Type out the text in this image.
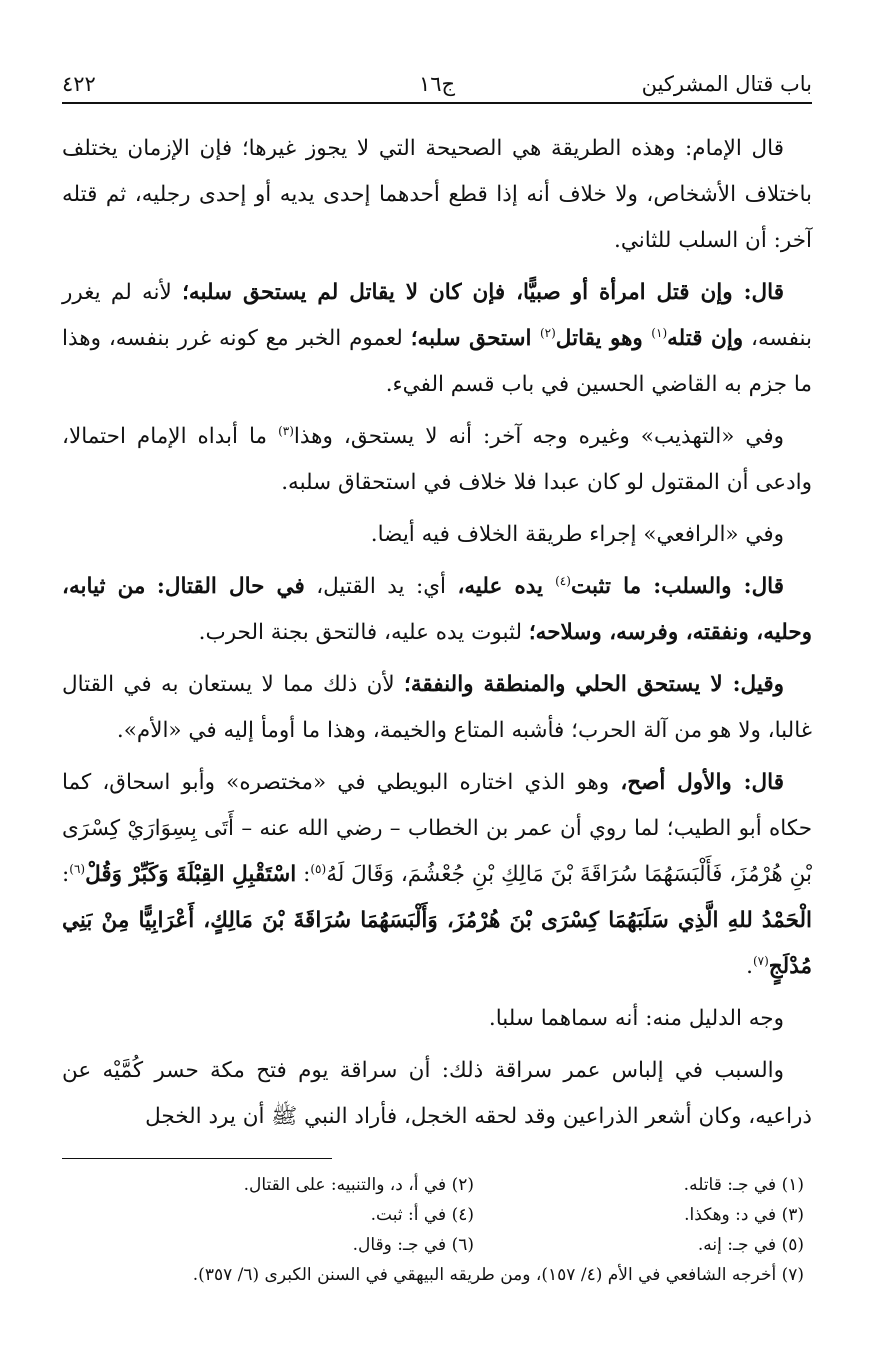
باب قتال المشركين
ج١٦
٤٢٢

قال الإمام: وهذه الطريقة هي الصحيحة التي لا يجوز غيرها؛ فإن الإزمان يختلف باختلاف الأشخاص، ولا خلاف أنه إذا قطع أحدهما إحدى يديه أو إحدى رجليه، ثم قتله آخر: أن السلب للثاني.

قال: وإن قتل امرأة أو صبيًّا، فإن كان لا يقاتل لم يستحق سلبه؛ لأنه لم يغرر بنفسه، وإن قتله$^{(١)}$ وهو يقاتل$^{(٢)}$ استحق سلبه؛ لعموم الخبر مع كونه غرر بنفسه، وهذا ما جزم به القاضي الحسين في باب قسم الفيء.

وفي «التهذيب» وغيره وجه آخر: أنه لا يستحق، وهذا$^{(٣)}$ ما أبداه الإمام احتمالا، وادعى أن المقتول لو كان عبدا فلا خلاف في استحقاق سلبه.

وفي «الرافعي» إجراء طريقة الخلاف فيه أيضا.

قال: والسلب: ما تثبت$^{(٤)}$ يده عليه، أي: يد القتيل، في حال القتال: من ثيابه، وحليه، ونفقته، وفرسه، وسلاحه؛ لثبوت يده عليه، فالتحق بجنة الحرب.

وقيل: لا يستحق الحلي والمنطقة والنفقة؛ لأن ذلك مما لا يستعان به في القتال غالبا، ولا هو من آلة الحرب؛ فأشبه المتاع والخيمة، وهذا ما أومأ إليه في «الأم».

قال: والأول أصح، وهو الذي اختاره البويطي في «مختصره» وأبو اسحاق، كما حكاه أبو الطيب؛ لما روي أن عمر بن الخطاب – رضي الله عنه – أَتَى بِسِوَارَيْ كِسْرَى بْنِ هُرْمُزَ، فَأَلْبَسَهُمَا سُرَاقَةَ بْنَ مَالِكِ بْنِ جُعْشُمَ، وَقَالَ لَهُ$^{(٥)}$: اسْتَقْبِلِ القِبْلَةَ وَكَبِّرْ وَقُلْ$^{(٦)}$: الْحَمْدُ للهِ الَّذِي سَلَبَهُمَا كِسْرَى بْنَ هُرْمُزَ، وَأَلْبَسَهُمَا سُرَاقَةَ بْنَ مَالِكٍ، أَعْرَابِيًّا مِنْ بَنِي مُدْلَجٍ$^{(٧)}$.

وجه الدليل منه: أنه سماهما سلبا.

والسبب في إلباس عمر سراقة ذلك: أن سراقة يوم فتح مكة حسر كُمَّيْه عن ذراعيه، وكان أشعر الذراعين وقد لحقه الخجل، فأراد النبي ﷺ أن يرد الخجل

(١) في جـ: قاتله.
(٢) في أ، د، والتنبيه: على القتال.
(٣) في د: وهكذا.
(٤) في أ: ثبت.
(٥) في جـ: إنه.
(٦) في جـ: وقال.
(٧) أخرجه الشافعي في الأم (٤/ ١٥٧)، ومن طريقه البيهقي في السنن الكبرى (٦/ ٣٥٧).
